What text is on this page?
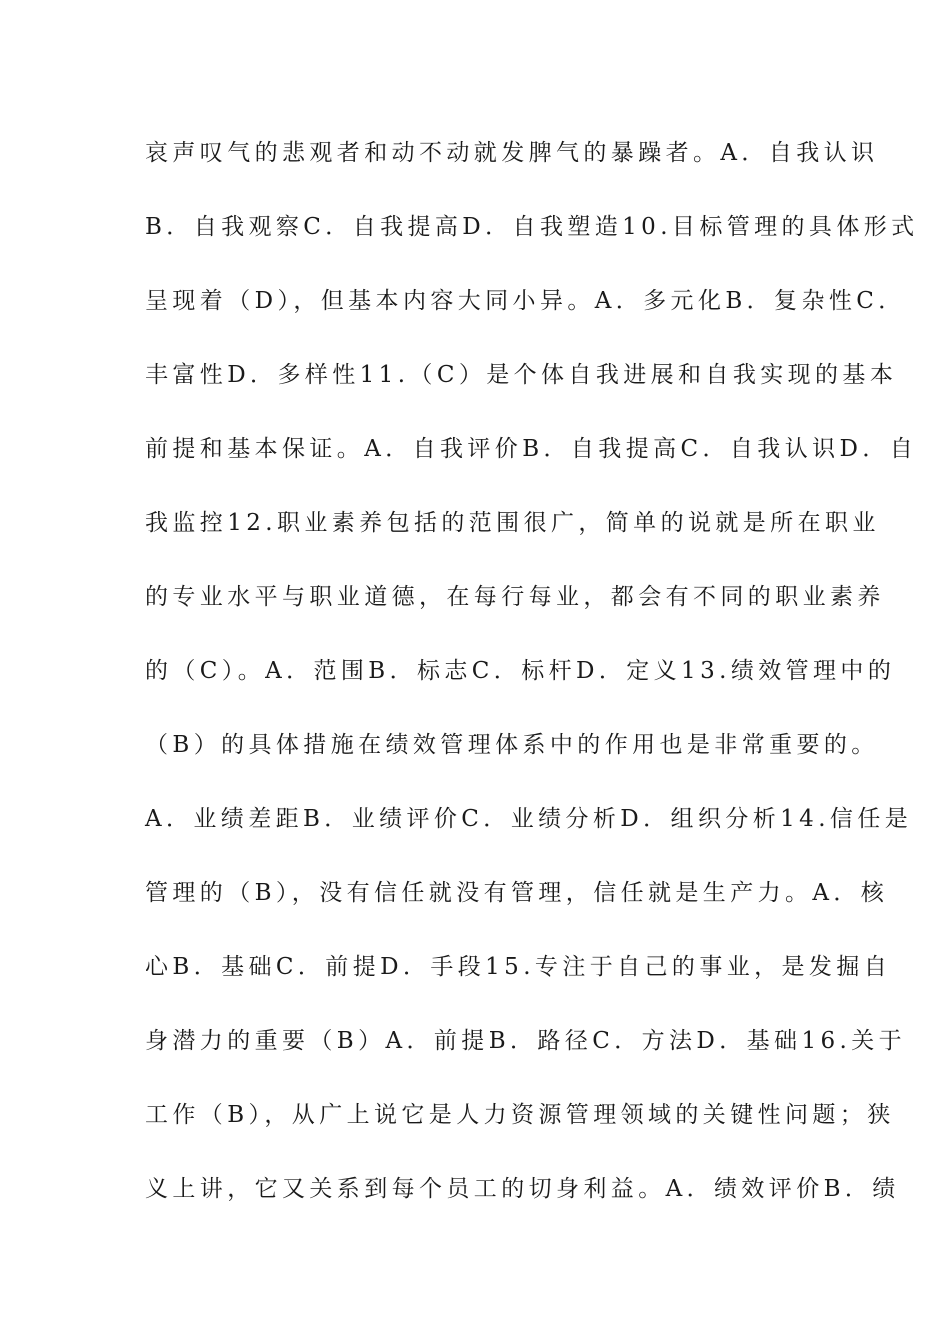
哀声叹气的悲观者和动不动就发脾气的暴躁者。A．自我认识
B．自我观察C．自我提高D．自我塑造10.目标管理的具体形式
呈现着（D），但基本内容大同小异。A．多元化B．复杂性C．
丰富性D．多样性11.（C）是个体自我进展和自我实现的基本
前提和基本保证。A．自我评价B．自我提高C．自我认识D．自
我监控12.职业素养包括的范围很广，简单的说就是所在职业
的专业水平与职业道德，在每行每业，都会有不同的职业素养
的（C）。A．范围B．标志C．标杆D．定义13.绩效管理中的
（B）的具体措施在绩效管理体系中的作用也是非常重要的。
A．业绩差距B．业绩评价C．业绩分析D．组织分析14.信任是
管理的（B），没有信任就没有管理，信任就是生产力。A．核
心B．基础C．前提D．手段15.专注于自己的事业，是发掘自
身潜力的重要（B）A．前提B．路径C．方法D．基础16.关于
工作（B），从广上说它是人力资源管理领域的关键性问题；狭
义上讲，它又关系到每个员工的切身利益。A．绩效评价B．绩
